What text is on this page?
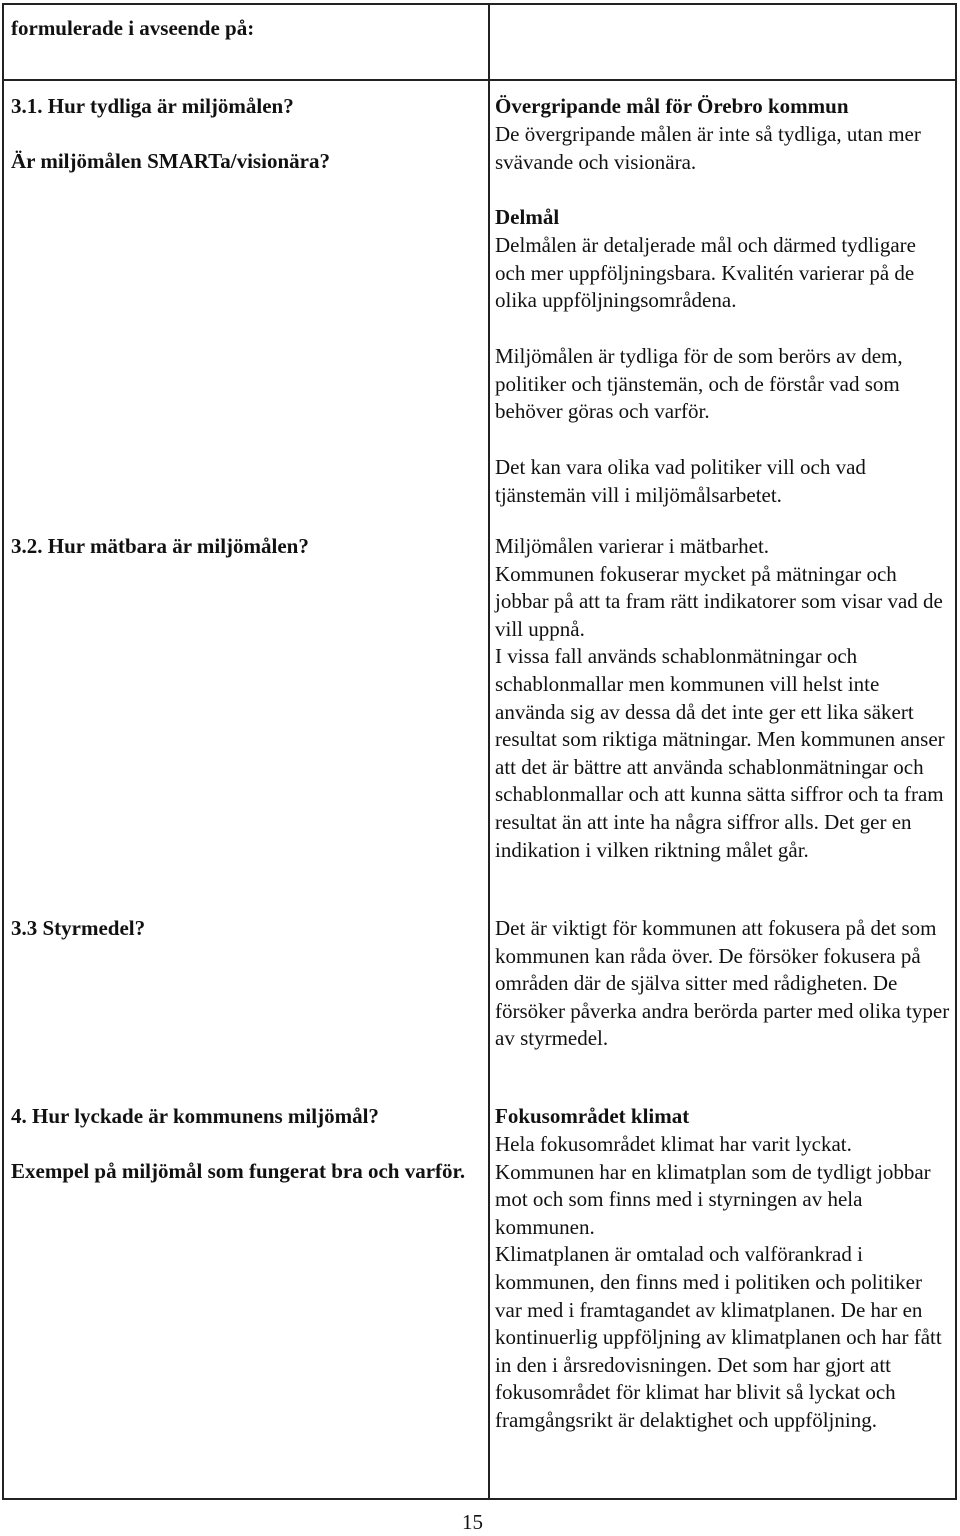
formulerade i avseende på:

3.1. Hur tydliga är miljömålen?

Är miljömålen SMARTa/visionära?

Övergripande mål för Örebro kommun

De övergripande målen är inte så tydliga, utan mer svävande och visionära.

Delmål

Delmålen är detaljerade mål och därmed tydligare och mer uppföljningsbara. Kvalitén varierar på de olika uppföljningsområdena.

Miljömålen är tydliga för de som berörs av dem, politiker och tjänstemän, och de förstår vad som behöver göras och varför.

Det kan vara olika vad politiker vill och vad tjänstemän vill i miljömålsarbetet.

3.2. Hur mätbara är miljömålen?	Miljömålen varierar i mätbarhet.
Kommunen fokuserar mycket på mätningar och jobbar på att ta fram rätt indikatorer som visar vad de vill uppnå.
I vissa fall används schablonmätningar och schablonmallar men kommunen vill helst inte använda sig av dessa då det inte ger ett lika säkert resultat som riktiga mätningar. Men kommunen anser att det är bättre att använda schablonmätningar och schablonmallar och att kunna sätta siffror och ta fram resultat än att inte ha några siffror alls. Det ger en indikation i vilken riktning målet går.

3.3 Styrmedel?	Det är viktigt för kommunen att fokusera på det som kommunen kan råda över. De försöker fokusera på områden där de själva sitter med rådigheten. De försöker påverka andra berörda parter med olika typer av styrmedel.

4. Hur lyckade är kommunens miljömål?

Exempel på miljömål som fungerat bra och varför.

Fokusområdet klimat

Hela fokusområdet klimat har varit lyckat.
Kommunen har en klimatplan som de tydligt jobbar mot och som finns med i styrningen av hela kommunen.
Klimatplanen är omtalad och valförankrad i kommunen, den finns med i politiken och politiker var med i framtagandet av klimatplanen. De har en kontinuerlig uppföljning av klimatplanen och har fått in den i årsredovisningen. Det som har gjort att fokusområdet för klimat har blivit så lyckat och framgångsrikt är delaktighet och uppföljning.

15
